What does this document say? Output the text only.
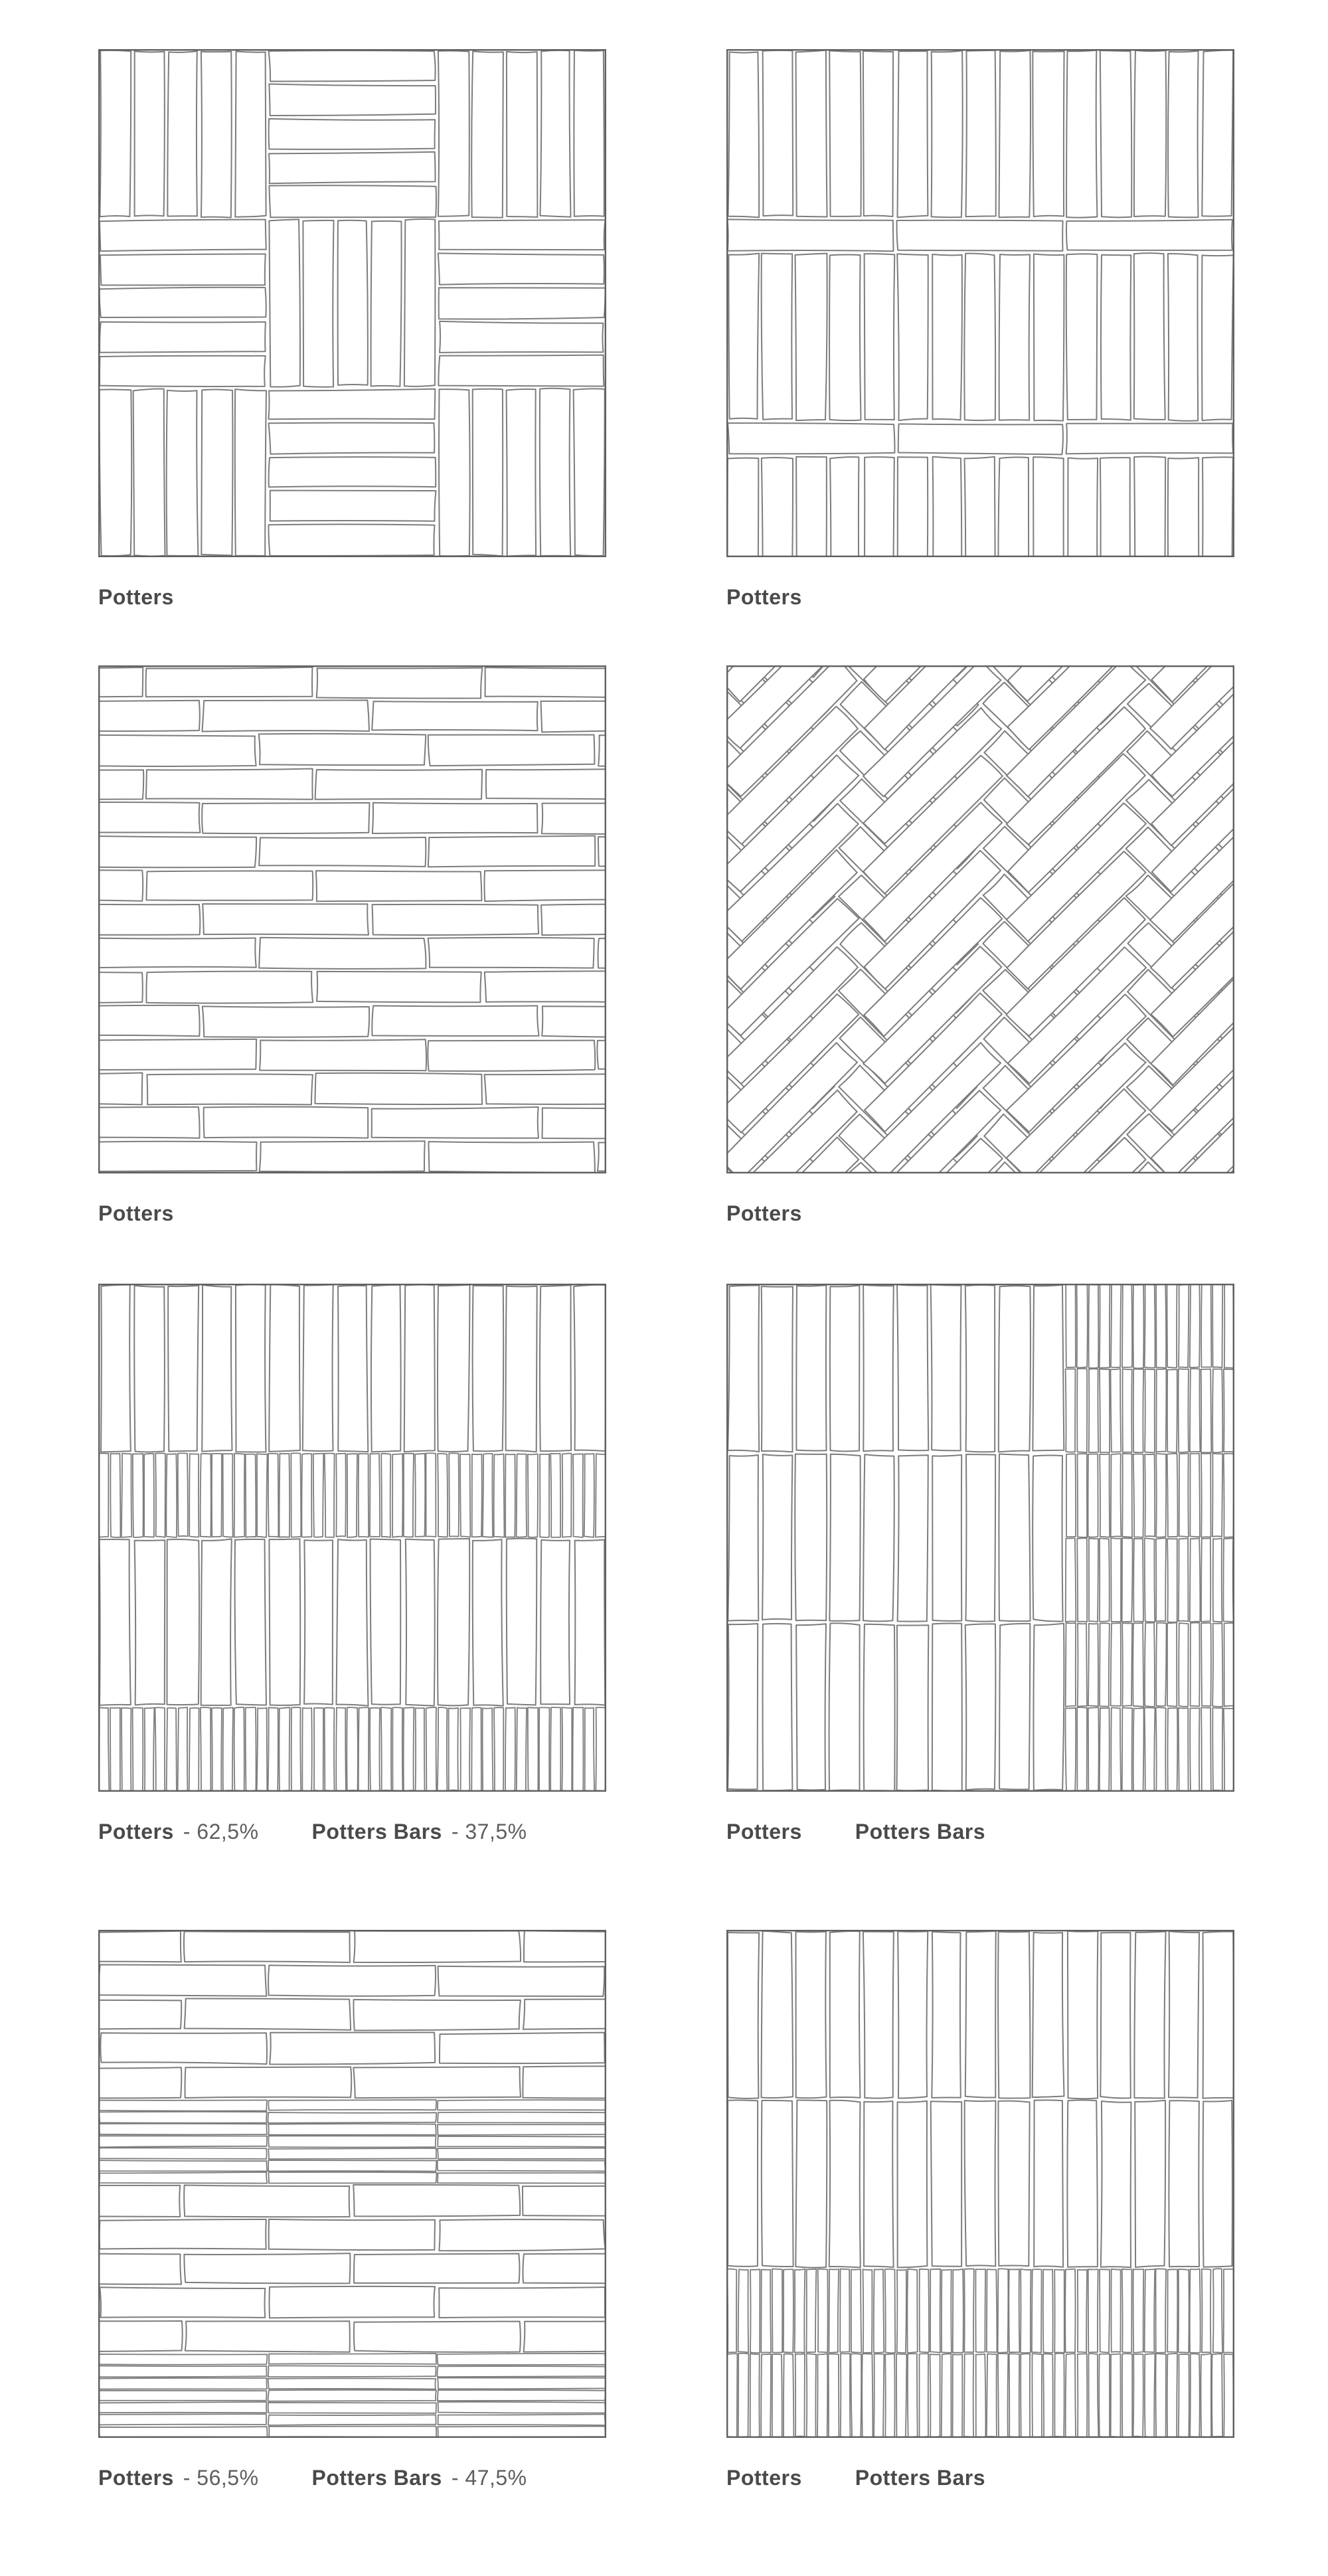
Potters	Potters
Potters	Potters
Potters - 62,5%	Potters Bars - 37,5%	Potters	Potters Bars
Potters - 56,5%	Potters Bars - 47,5%	Potters	Potters Bars
